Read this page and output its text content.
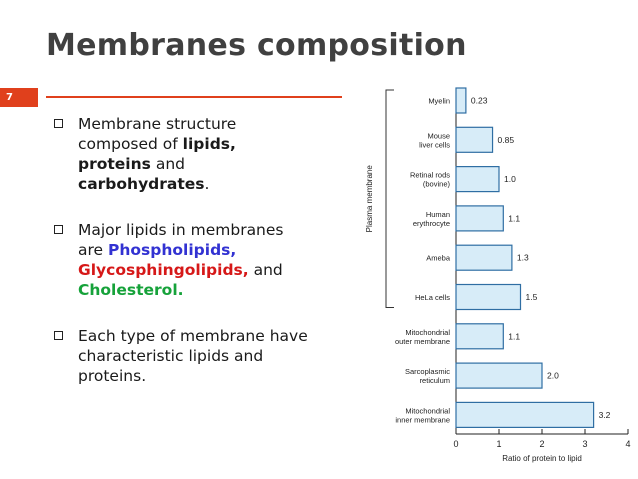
Membranes composition
7
Membrane structure
composed of lipids,
proteins and
carbohydrates.
Major lipids in membranes
are Phospholipids,
Glycosphingolipids, and
Cholesterol.
Each type of membrane have
characteristic lipids and
proteins.
0	1	2	3	4
Ratio of protein to lipid
0.23
Myelin
0.85
Mouse
liver cells
1.0
Retinal rods
(bovine)
1.1
Human
erythrocyte
1.3
Ameba
1.5
HeLa cells
1.1
Mitochondrial
outer membrane
2.0
Sarcoplasmic
reticulum
3.2
Mitochondrial
inner membrane
Plasma membrane
